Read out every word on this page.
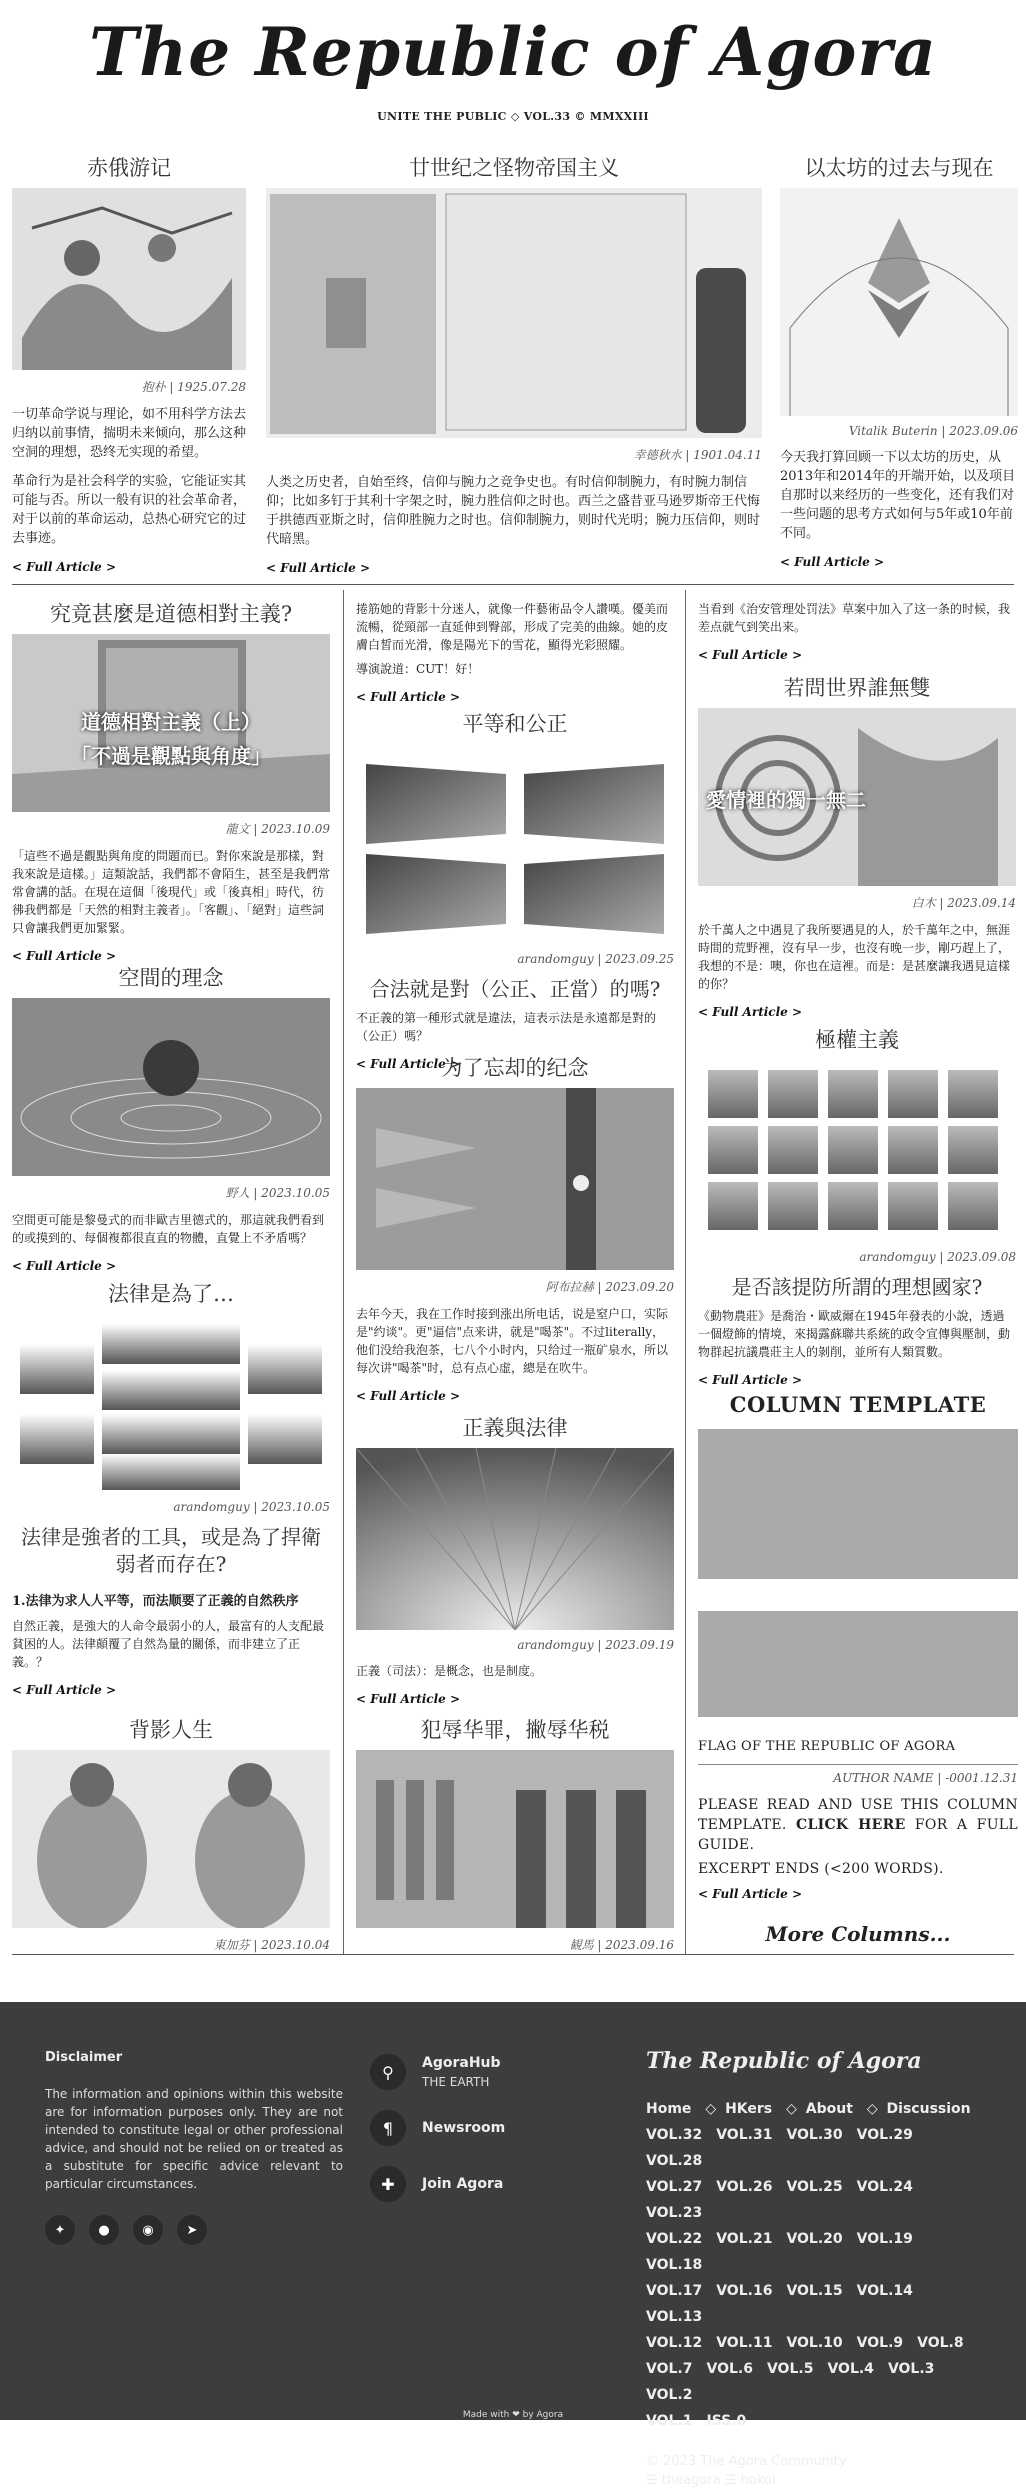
The Republic of Agora
UNITE THE PUBLIC ◇ VOL.33 © MMXXIII
赤俄游记
抱朴 | 1925.07.28

一切革命学说与理论，如不用科学方法去归纳以前事情，揣明未来倾向，那么这种空洞的理想，恐终无实现的希望。

革命行为是社会科学的实验，它能证实其可能与否。所以一般有识的社会革命者，对于以前的革命运动，总热心研究它的过去事迹。

< Full Article >
廿世纪之怪物帝国主义
幸德秋水 | 1901.04.11

人类之历史者，自始至终，信仰与腕力之竞争史也。有时信仰制腕力，有时腕力制信仰；比如多钉于其利十字架之时，腕力胜信仰之时也。西兰之盛昔亚马逊罗斯帝王代悔于拱德西亚斯之时，信仰胜腕力之时也。信仰制腕力，则时代光明；腕力压信仰，则时代暗黑。

< Full Article >
以太坊的过去与现在
Vitalik Buterin | 2023.09.06

今天我打算回顾一下以太坊的历史，从2013年和2014年的开端开始，以及项目自那时以来经历的一些变化，还有我们对一些问题的思考方式如何与5年或10年前不同。

< Full Article >
究竟甚麼是道德相對主義?
道德相對主義（上）
「不過是觀點與角度」
龍文 | 2023.10.09

「這些不過是觀點與角度的問題而已。對你來說是那樣，對我來說是這樣。」這類說話，我們都不會陌生，甚至是我們常常會講的話。在現在這個「後現代」或「後真相」時代，彷彿我們都是「天然的相對主義者」。「客觀」、「絕對」這些詞只會讓我們更加緊緊。

< Full Article >
空間的理念
野人 | 2023.10.05

空間更可能是黎曼式的而非歐吉里德式的，那這就我們看到的或摸到的、每個複都很直直的物體，直覺上不矛盾嗎？

< Full Article >
法律是為了…
arandomguy | 2023.10.05
法律是強者的工具，或是為了捍衛弱者而存在?
1.法律为求人人平等，而法顺要了正義的自然秩序

自然正義，是強大的人命令最弱小的人，最富有的人支配最貧困的人。法律顛覆了自然為量的關係，而非建立了正義。？

< Full Article >
背影人生
東加芬 | 2023.10.04

捲筋她的背影十分迷人，就像一件藝術品令人讚嘆。優美而流暢，從頸部一直延伸到臀部，形成了完美的曲線。她的皮膚白皙而光滑，像是陽光下的雪花，顯得光彩照耀。

導演說道：CUT！好！

< Full Article >
平等和公正
arandomguy | 2023.09.25
合法就是對（公正、正當）的嗎?

不正義的第一種形式就是違法，這表示法是永遠都是對的（公正）嗎？

< Full Article >
为了忘却的纪念
阿布拉赫 | 2023.09.20

去年今天，我在工作时接到涨出所电话，说是窒户口，实际是"约谈"。更"逼信"点来讲，就是"喝茶"。不过literally，他们没给我泡茶，七八个小时内，只给过一瓶矿泉水，所以每次讲"喝茶"时，总有点心虚，總是在吹牛。

< Full Article >
正義與法律
arandomguy | 2023.09.19

正義（司法）：是概念，也是制度。

< Full Article >
犯辱华罪，撇辱华税
観馬 | 2023.09.16

当看到《治安管理处罚法》草案中加入了这一条的时候，我差点就气到笑出来。

< Full Article >
若問世界誰無雙
愛情裡的獨一無二
白木 | 2023.09.14

於千萬人之中遇見了我所要遇見的人，於千萬年之中，無涯時間的荒野裡，沒有早一步，也沒有晚一步，剛巧趕上了，我想的不是：噢，你也在這裡。而是：是甚麼讓我遇見這樣的你？

< Full Article >
極權主義
arandomguy | 2023.09.08
是否該提防所謂的理想國家?

《動物農莊》是喬治・歐威爾在1945年發表的小說，透過一個燈飾的情境，來揭露蘇聯共系統的政令宣傳與壓制，動物群起抗議農莊主人的剝削，並所有人類質數。

< Full Article >
COLUMN TEMPLATE
FLAG OF THE REPUBLIC OF AGORA
AUTHOR NAME | -0001.12.31
PLEASE READ AND USE THIS COLUMN TEMPLATE. CLICK HERE FOR A FULL GUIDE.
EXCERPT ENDS (<200 WORDS).
< Full Article >
More Columns...
Disclaimer

The information and opinions within this website are for information purposes only. They are not intended to constitute legal or other professional advice, and should not be relied on or treated as a substitute for specific advice relevant to particular circumstances.

✦	●	◉	➤
⚲	AgoraHub
THE EARTH
¶	Newsroom
✚	Join Agora
The Republic of Agora
Home ◇ HKers ◇ About ◇ Discussion
VOL.32 VOL.31 VOL.30 VOL.29VOL.28
VOL.27 VOL.26 VOL.25 VOL.24VOL.23
VOL.22 VOL.21 VOL.20 VOL.19VOL.18
VOL.17 VOL.16 VOL.15 VOL.14VOL.13
VOL.12 VOL.11 VOL.10 VOL.9 VOL.8
VOL.7 VOL.6 VOL.5 VOL.4 VOL.3VOL.2
VOL.1 ISS.0
© 2023 The Agora Community
☰ theagora ☰ hokoi
Made with ❤ by Agora
